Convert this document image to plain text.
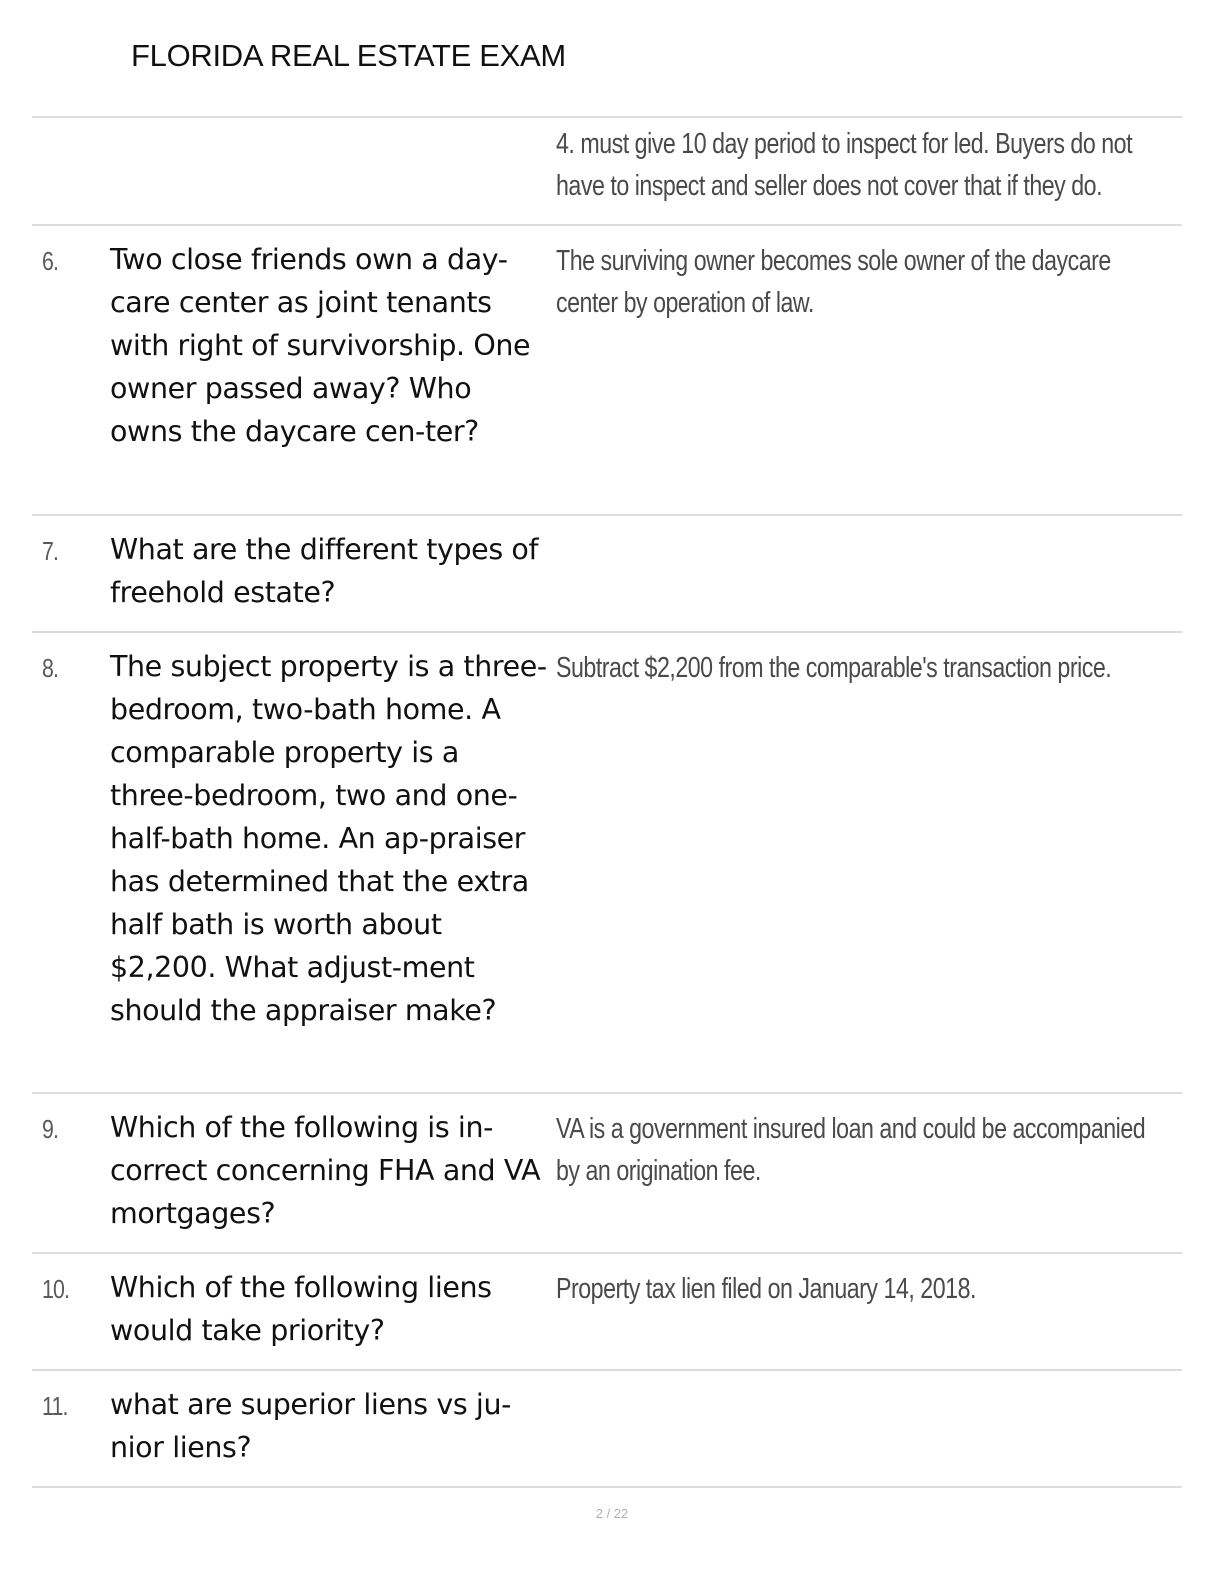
FLORIDA REAL ESTATE EXAM
4. must give 10 day period to inspect for led. Buyers do not have to inspect and seller does not cover that if they do.
6. Two close friends own a day-care center as joint tenants with right of survivorship. One owner passed away? Who owns the daycare cen-ter?
The surviving owner becomes sole owner of the daycare center by operation of law.
7. What are the different types of freehold estate?
8. The subject property is a three-bedroom, two-bath home. A comparable property is a three-bedroom, two and one-half-bath home. An ap-praiser has determined that the extra half bath is worth about $2,200. What adjust-ment should the appraiser make?
Subtract $2,200 from the comparable's transaction price.
9. Which of the following is in-correct concerning FHA and VA mortgages?
VA is a government insured loan and could be accompanied by an origination fee.
10. Which of the following liens would take priority?
Property tax lien filed on January 14, 2018.
11. what are superior liens vs ju-nior liens?
2 / 22
